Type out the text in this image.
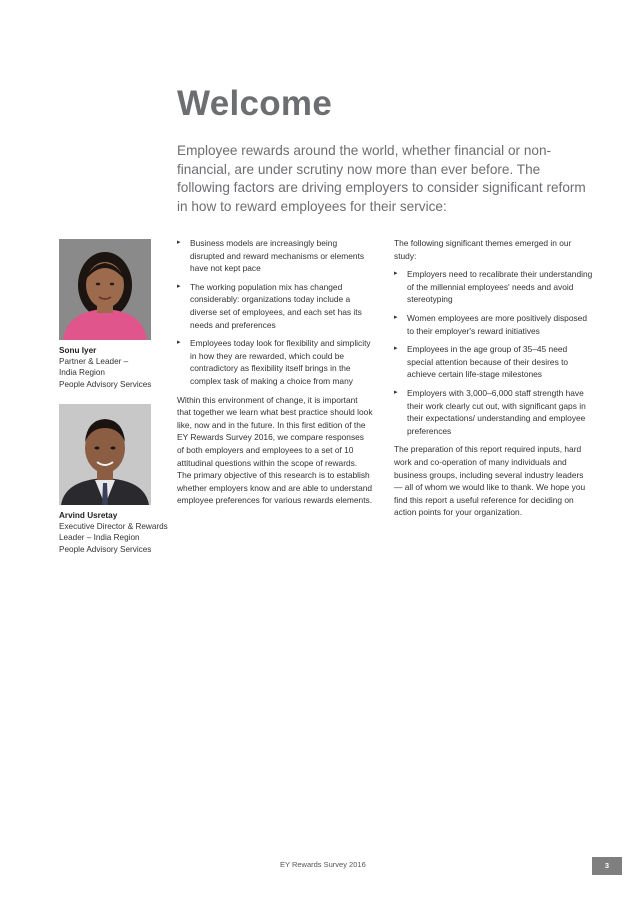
Welcome
Employee rewards around the world, whether financial or non-financial, are under scrutiny now more than ever before. The following factors are driving employers to consider significant reform in how to reward employees for their service:
Sonu Iyer
Partner & Leader –
India Region
People Advisory Services
Arvind Usretay
Executive Director & Rewards
Leader – India Region
People Advisory Services
▸ Business models are increasingly being disrupted and reward mechanisms or elements have not kept pace
▸ The working population mix has changed considerably: organizations today include a diverse set of employees, and each set has its needs and preferences
▸ Employees today look for flexibility and simplicity in how they are rewarded, which could be contradictory as flexibility itself brings in the complex task of making a choice from many

Within this environment of change, it is important that together we learn what best practice should look like, now and in the future. In this first edition of the EY Rewards Survey 2016, we compare responses of both employers and employees to a set of 10 attitudinal questions within the scope of rewards. The primary objective of this research is to establish whether employers know and are able to understand employee preferences for various rewards elements.

The following significant themes emerged in our study:

▸ Employers need to recalibrate their understanding of the millennial employees' needs and avoid stereotyping
▸ Women employees are more positively disposed to their employer's reward initiatives
▸ Employees in the age group of 35–45 need special attention because of their desires to achieve certain life-stage milestones
▸ Employers with 3,000–6,000 staff strength have their work clearly cut out, with significant gaps in their expectations/ understanding and employee preferences

The preparation of this report required inputs, hard work and co-operation of many individuals and business groups, including several industry leaders — all of whom we would like to thank. We hope you find this report a useful reference for deciding on action points for your organization.

EY Rewards Survey 2016	3
